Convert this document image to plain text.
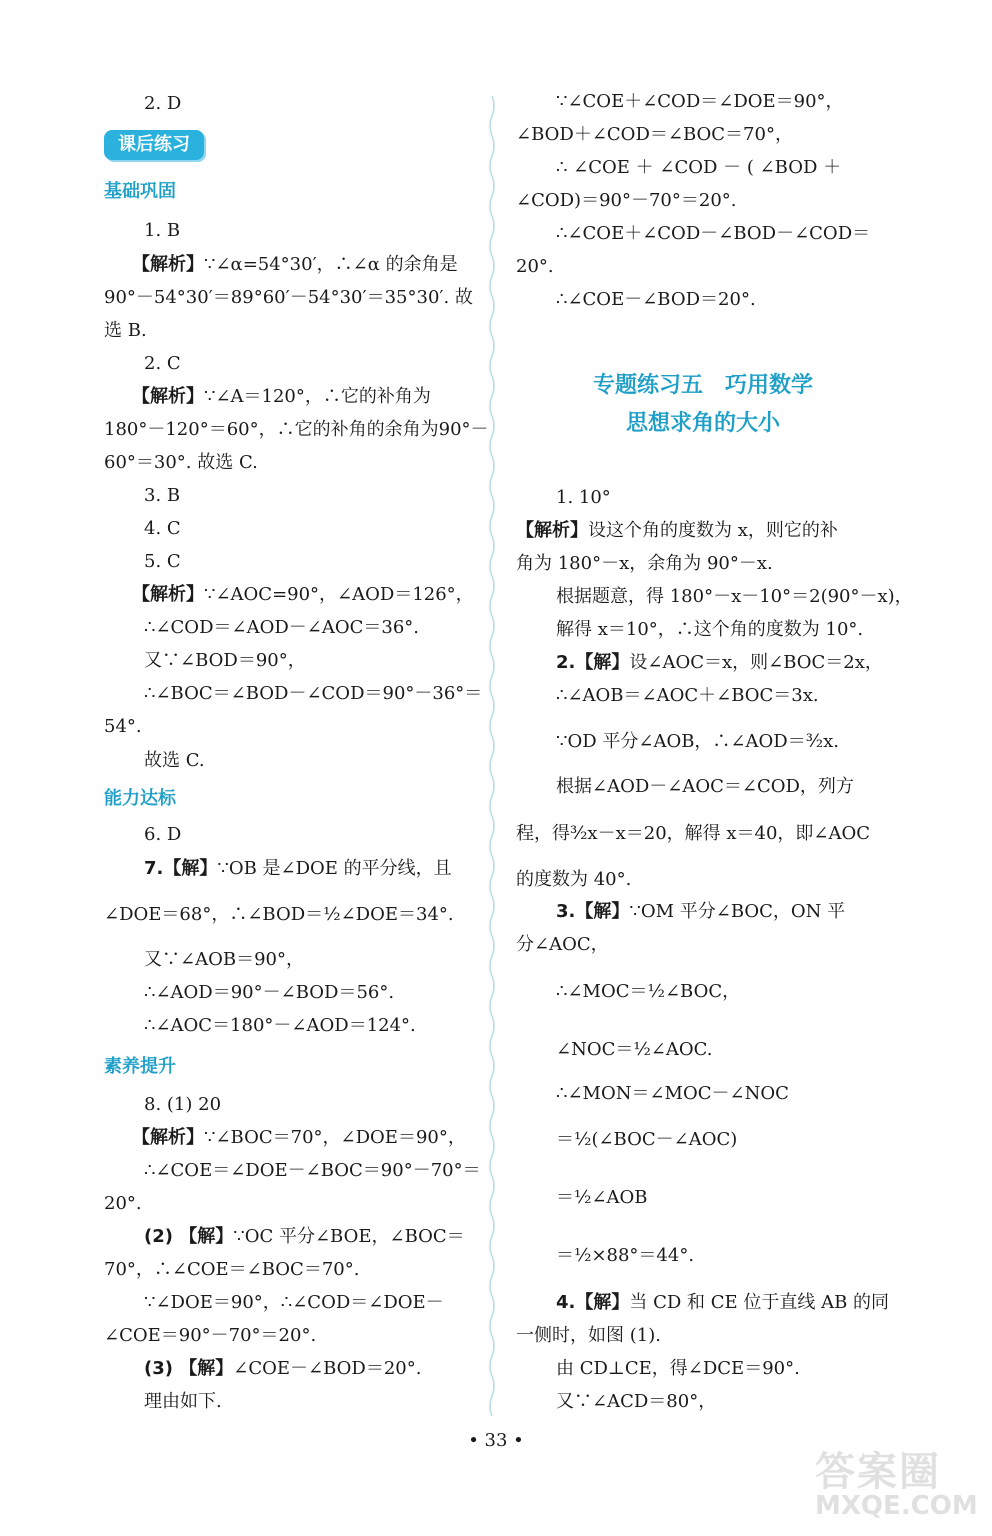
2. D
课后练习
基础巩固
1. B
【解析】∵∠α=54°30′，∴∠α 的余角是
90°－54°30′＝89°60′－54°30′＝35°30′. 故
选 B.
2. C
【解析】∵∠A＝120°，∴它的补角为
180°－120°＝60°，∴它的补角的余角为90°－
60°＝30°. 故选 C.
3. B
4. C
5. C
【解析】∵∠AOC=90°，∠AOD＝126°，
∴∠COD＝∠AOD－∠AOC＝36°.
又∵∠BOD＝90°，
∴∠BOC＝∠BOD－∠COD＝90°－36°＝
54°.
故选 C.
能力达标
6. D
7.【解】∵OB 是∠DOE 的平分线，且
∠DOE＝68°，∴∠BOD＝½∠DOE＝34°.
又∵∠AOB＝90°，
∴∠AOD＝90°－∠BOD＝56°.
∴∠AOC＝180°－∠AOD＝124°.
素养提升
8. (1) 20
【解析】∵∠BOC＝70°，∠DOE＝90°，
∴∠COE＝∠DOE－∠BOC＝90°－70°＝
20°.
(2) 【解】∵OC 平分∠BOE，∠BOC＝
70°，∴∠COE＝∠BOC＝70°.
∵∠DOE＝90°，∴∠COD＝∠DOE－
∠COE＝90°－70°＝20°.
(3) 【解】∠COE－∠BOD＝20°.
理由如下.
∵∠COE＋∠COD＝∠DOE＝90°，
∠BOD＋∠COD＝∠BOC＝70°，
∴ ∠COE ＋ ∠COD － ( ∠BOD ＋
∠COD)＝90°－70°＝20°.
∴∠COE＋∠COD－∠BOD－∠COD＝
20°.
∴∠COE－∠BOD＝20°.
专题练习五　巧用数学
思想求角的大小
1. 10°
【解析】设这个角的度数为 x，则它的补
角为 180°－x，余角为 90°－x.
根据题意，得 180°－x－10°＝2(90°－x)，
解得 x＝10°，∴这个角的度数为 10°.
2.【解】设∠AOC＝x，则∠BOC＝2x，
∴∠AOB＝∠AOC＋∠BOC＝3x.
∵OD 平分∠AOB，∴∠AOD＝³⁄₂x.
根据∠AOD－∠AOC＝∠COD，列方
程，得³⁄₂x－x＝20，解得 x＝40，即∠AOC
的度数为 40°.
3.【解】∵OM 平分∠BOC，ON 平
分∠AOC，
∴∠MOC＝½∠BOC，
∠NOC＝½∠AOC.
∴∠MON＝∠MOC－∠NOC
＝½(∠BOC－∠AOC)
＝½∠AOB
＝½×88°＝44°.
4.【解】当 CD 和 CE 位于直线 AB 的同
一侧时，如图 (1).
由 CD⊥CE，得∠DCE＝90°.
又∵∠ACD＝80°，
• 33 •
答案圈
MXQE.COM
